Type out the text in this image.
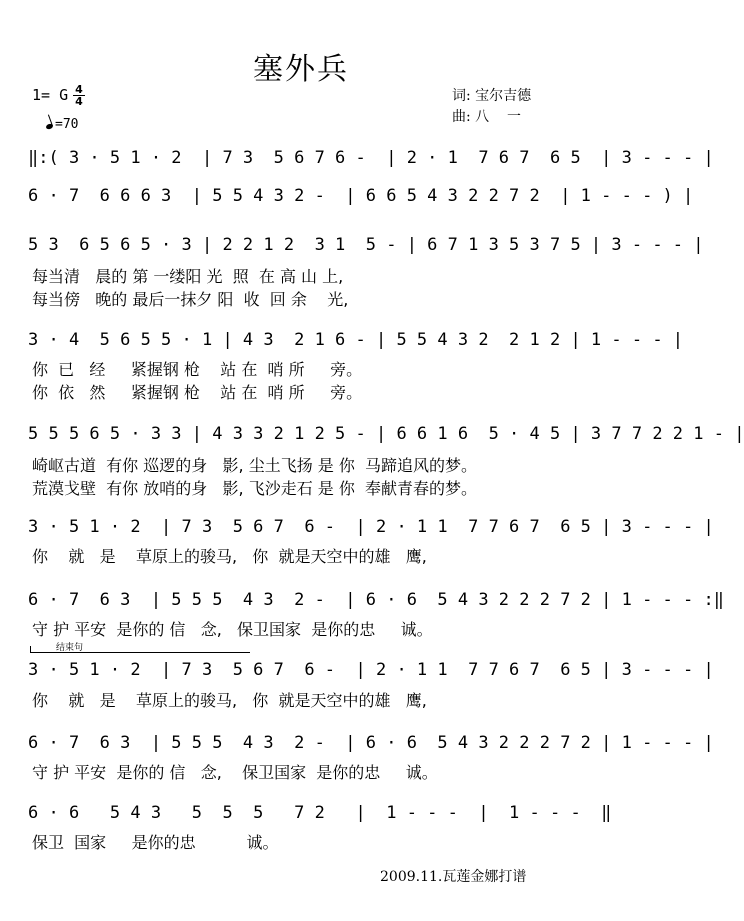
塞外兵
1= G $\frac{4}{4}$
=70
词: 宝尔吉德
曲: 八    一
‖:( 3 · 5 1 · 2  | 7 3  5 6 7 6 -  | 2 · 1  7 6 7  6 5  | 3 - - - |
6 · 7  6 6 6 3  | 5 5 4 3 2 -  | 6 6 5 4 3 2 2 7 2  | 1 - - - ) |
5 3  6 5 6 5 · 3 | 2 2 1 2  3 1  5 - | 6 7 1 3 5 3 7 5 | 3 - - - |
每当清   晨的 第 一缕阳 光  照  在 高 山 上,
每当傍   晚的 最后一抹夕 阳  收  回 余    光,
3 · 4  5 6 5 5 · 1 | 4 3  2 1 6 - | 5 5 4 3 2  2 1 2 | 1 - - - |
你  已   经     紧握钢 枪    站 在  哨 所     旁。
你  依   然     紧握钢 枪    站 在  哨 所     旁。
5 5 5 6 5 · 3 3 | 4 3 3 2 1 2 5 - | 6 6 1 6  5 · 4 5 | 3 7 7 2 2 1 - |
崎岖古道  有你 巡逻的身   影, 尘土飞扬 是 你  马蹄追风的梦。
荒漠戈壁  有你 放哨的身   影, 飞沙走石 是 你  奉献青春的梦。
3 · 5 1 · 2  | 7 3  5 6 7  6 -  | 2 · 1 1  7 7 6 7  6 5 | 3 - - - |
你    就   是    草原上的骏马,   你  就是天空中的雄   鹰,
6 · 7  6 3  | 5 5 5  4 3  2 -  | 6 · 6  5 4 3 2 2 2 7 2 | 1 - - - :‖
守 护 平安  是你的 信   念,   保卫国家  是你的忠     诚。
结束句
3 · 5 1 · 2  | 7 3  5 6 7  6 -  | 2 · 1 1  7 7 6 7  6 5 | 3 - - - |
你    就   是    草原上的骏马,   你  就是天空中的雄   鹰,
6 · 7  6 3  | 5 5 5  4 3  2 -  | 6 · 6  5 4 3 2 2 2 7 2 | 1 - - - |
守 护 平安  是你的 信   念,    保卫国家  是你的忠     诚。
6 · 6   5 4 3   5  5  5   7 2   |  1 - - -  |  1 - - -  ‖
保卫  国家     是你的忠          诚。
2009.11.瓦莲金娜打谱
